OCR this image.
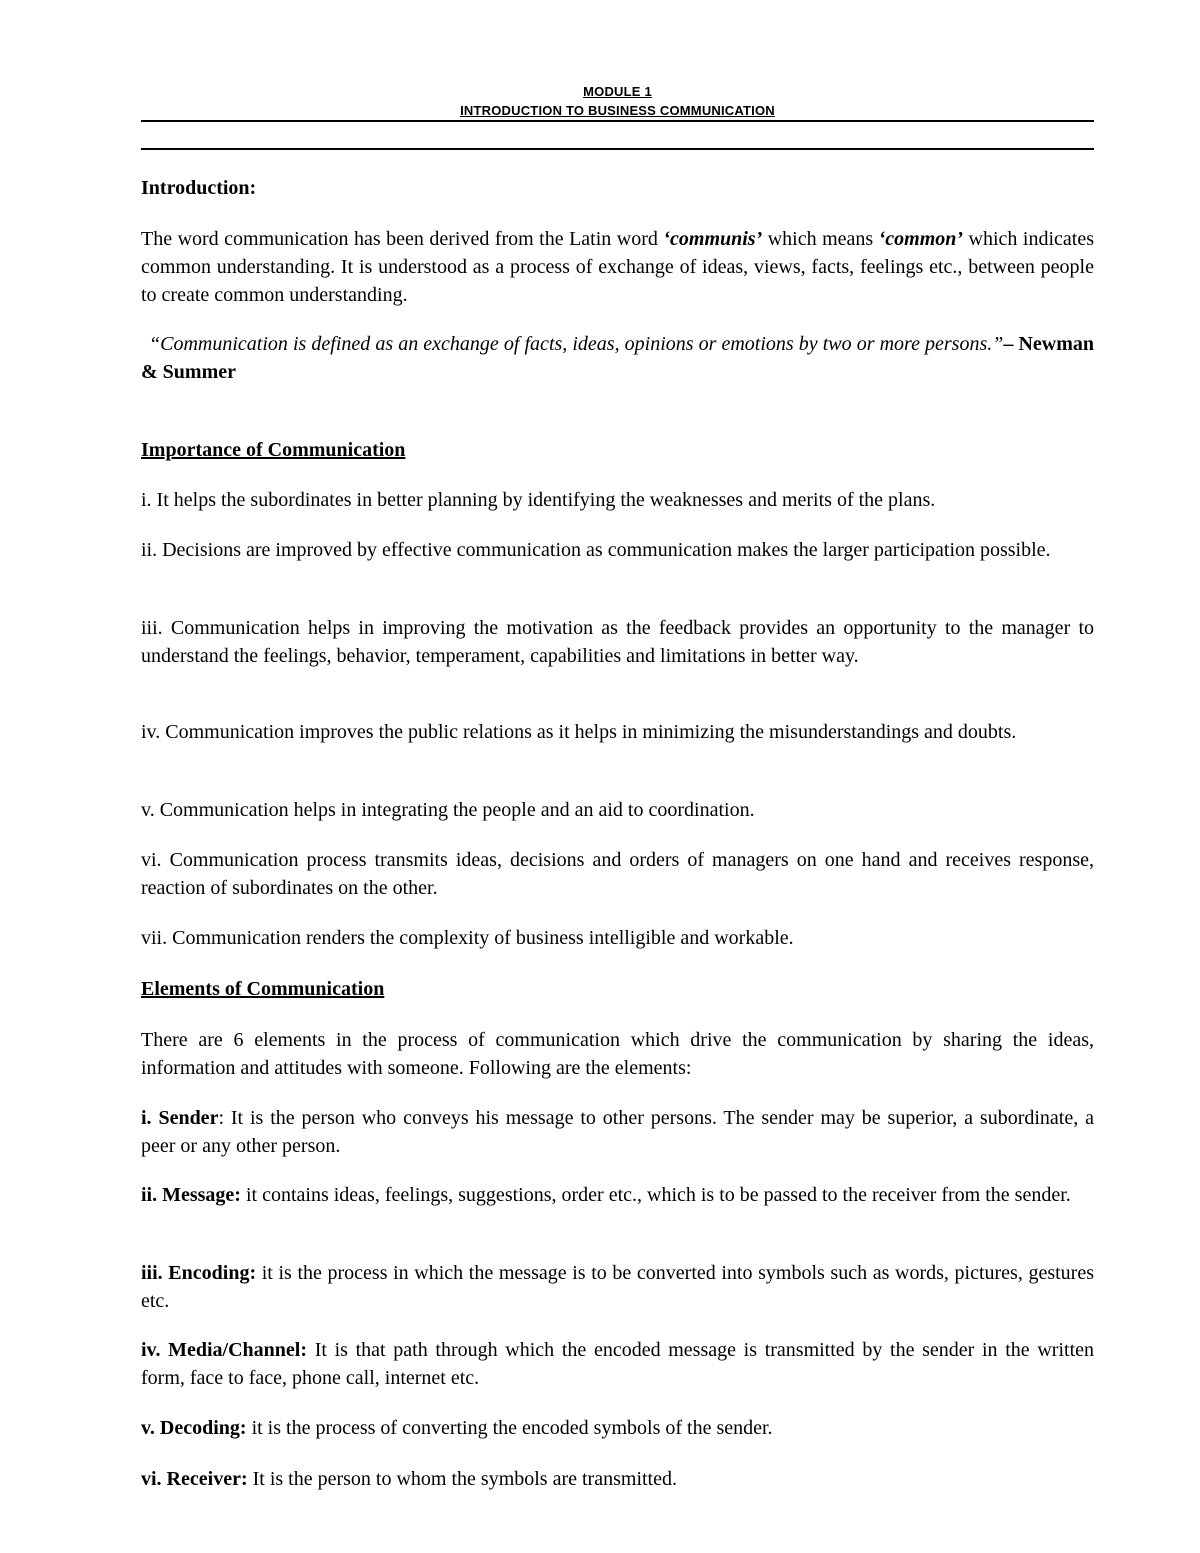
MODULE 1
INTRODUCTION TO BUSINESS COMMUNICATION

Introduction:

The word communication has been derived from the Latin word ‘communis’ which means ‘common’ which indicates common understanding. It is understood as a process of exchange of ideas, views, facts, feelings etc., between people to create common understanding.

“Communication is defined as an exchange of facts, ideas, opinions or emotions by two or more persons.”– Newman & Summer

Importance of Communication

i. It helps the subordinates in better planning by identifying the weaknesses and merits of the plans.

ii. Decisions are improved by effective communication as communication makes the larger participation possible.

iii. Communication helps in improving the motivation as the feedback provides an opportunity to the manager to understand the feelings, behavior, temperament, capabilities and limitations in better way.

iv. Communication improves the public relations as it helps in minimizing the misunderstandings and doubts.

v. Communication helps in integrating the people and an aid to coordination.

vi. Communication process transmits ideas, decisions and orders of managers on one hand and receives response, reaction of subordinates on the other.

vii. Communication renders the complexity of business intelligible and workable.

Elements of Communication

There are 6 elements in the process of communication which drive the communication by sharing the ideas, information and attitudes with someone. Following are the elements:

i. Sender: It is the person who conveys his message to other persons. The sender may be superior, a subordinate, a peer or any other person.

ii. Message: it contains ideas, feelings, suggestions, order etc., which is to be passed to the receiver from the sender.

iii. Encoding: it is the process in which the message is to be converted into symbols such as words, pictures, gestures etc.

iv. Media/Channel: It is that path through which the encoded message is transmitted by the sender in the written form, face to face, phone call, internet etc.

v. Decoding: it is the process of converting the encoded symbols of the sender.

vi. Receiver: It is the person to whom the symbols are transmitted.
